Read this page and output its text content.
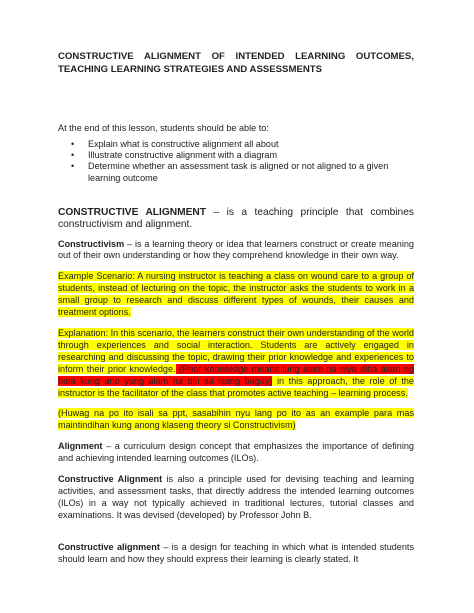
CONSTRUCTIVE ALIGNMENT OF INTENDED LEARNING OUTCOMES, TEACHING LEARNING STRATEGIES AND ASSESSMENTS

At the end of this lesson, students should be able to:

• Explain what is constructive alignment all about
• Illustrate constructive alignment with a diagram
• Determine whether an assessment task is aligned or not aligned to a given learning outcome

CONSTRUCTIVE ALIGNMENT – is a teaching principle that combines constructivism and alignment.

Constructivism – is a learning theory or idea that learners construct or create meaning out of their own understanding or how they comprehend knowledge in their own way.

Example Scenario: A nursing instructor is teaching a class on wound care to a group of students, instead of lecturing on the topic, the instructor asks the students to work in a small group to research and discuss different types of wounds, their causes and treatment options.

Explanation: In this scenario, the learners construct their own understanding of the world through experiences and social interaction. Students are actively engaged in researching and discussing the topic, drawing their prior knowledge and experiences to inform their prior knowledge. (Prior knowledge means lung alam na niya diba alam ng bata kung ano yung alam na din sa isang bagay) in this approach, the role of the instructor is the facilitator of the class that promotes active teaching – learning process.

(Huwag na po ito isali sa ppt, sasabihin nyu lang po ito as an example para mas maintindihan kung anong klaseng theory si Constructivism)

Alignment – a curriculum design concept that emphasizes the importance of defining and achieving intended learning outcomes (ILOs).

Constructive Alignment is also a principle used for devising teaching and learning activities, and assessment tasks, that directly address the intended learning outcomes (ILOs) in a way not typically achieved in traditional lectures, tutorial classes and examinations. It was devised (developed) by Professor John B.

Constructive alignment – is a design for teaching in which what is intended students should learn and how they should express their learning is clearly stated. It
